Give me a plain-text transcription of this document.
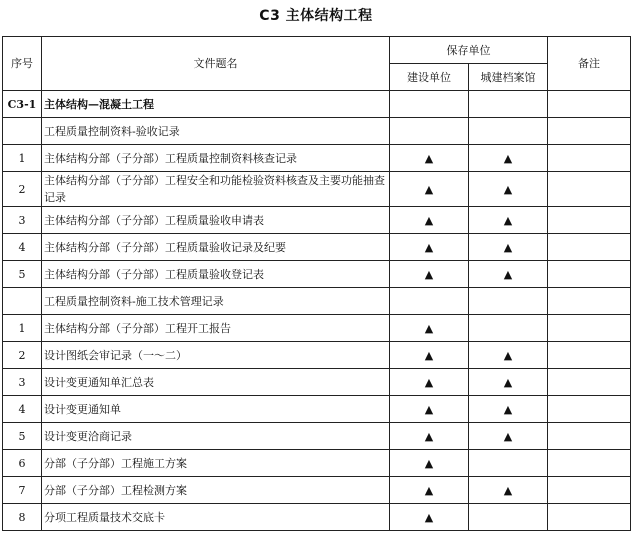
C3 主体结构工程
序号	文件题名	保存单位		备注
		建设单位	城建档案馆	
C3-1	主体结构—混凝土工程			
	工程质量控制资料-验收记录			
1	主体结构分部（子分部）工程质量控制资料核查记录	▲	▲	
2	主体结构分部（子分部）工程安全和功能检验资料核查及主要功能抽查记录	▲	▲	
3	主体结构分部（子分部）工程质量验收申请表	▲	▲	
4	主体结构分部（子分部）工程质量验收记录及纪要	▲	▲	
5	主体结构分部（子分部）工程质量验收登记表	▲	▲	
	工程质量控制资料-施工技术管理记录			
1	主体结构分部（子分部）工程开工报告	▲		
2	设计图纸会审记录（一～二）	▲	▲	
3	设计变更通知单汇总表	▲	▲	
4	设计变更通知单	▲	▲	
5	设计变更洽商记录	▲	▲	
6	分部（子分部）工程施工方案	▲		
7	分部（子分部）工程检测方案	▲	▲	
8	分项工程质量技术交底卡	▲		
